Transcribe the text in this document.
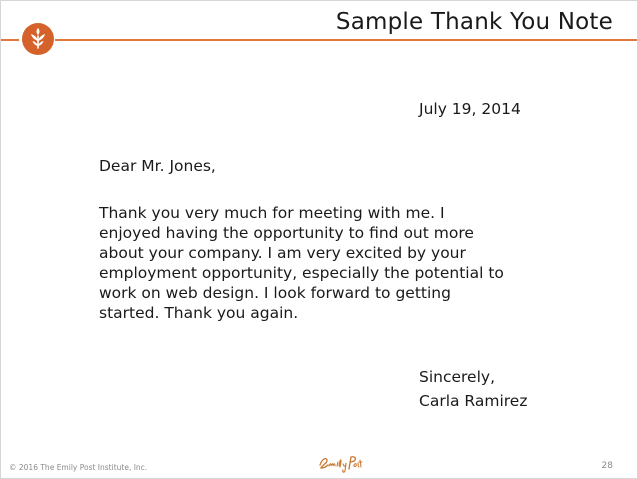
Sample Thank You Note
July 19, 2014
Dear Mr. Jones,
Thank you very much for meeting with me. I
enjoyed having the opportunity to find out more
about your company. I am very excited by your
employment opportunity, especially the potential to
work on web design. I look forward to getting
started. Thank you again.
Sincerely,
Carla Ramirez
© 2016 The Emily Post Institute, Inc.	28
